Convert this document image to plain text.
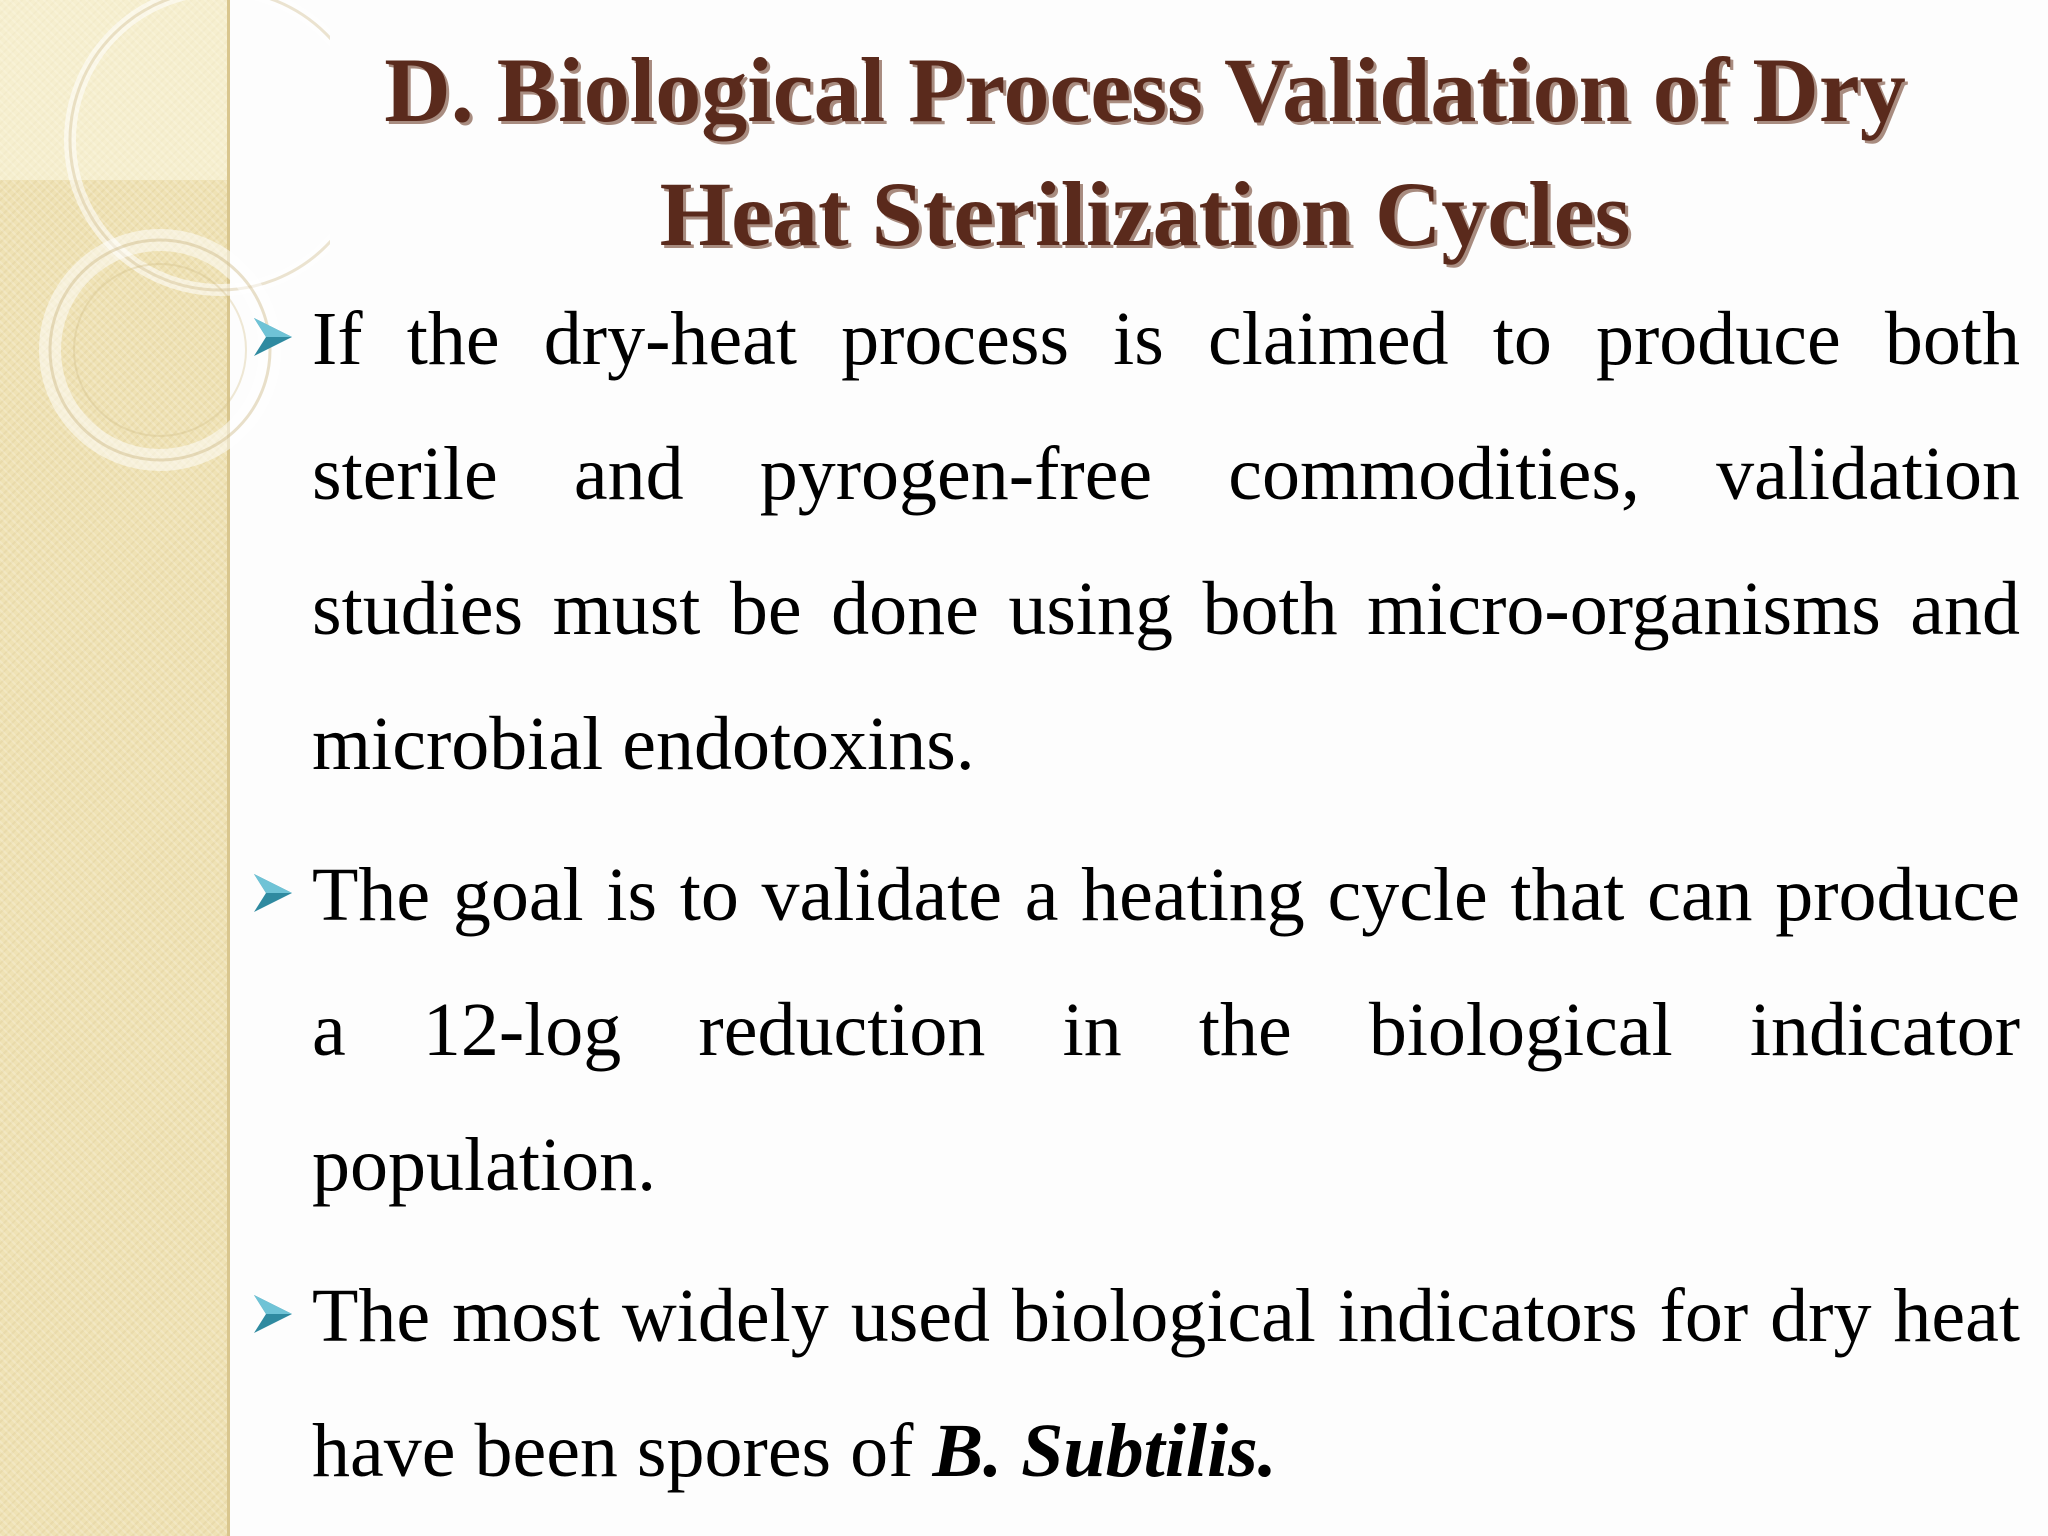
D. Biological Process Validation of Dry
Heat Sterilization Cycles
If the dry-heat process is claimed to produce both sterile and pyrogen-free commodities, validation studies must be done using both micro-organisms and microbial endotoxins.
The goal is to validate a heating cycle that can produce a 12-log reduction in the biological indicator population.
The most widely used biological indicators for dry heat have been spores of B. Subtilis.
